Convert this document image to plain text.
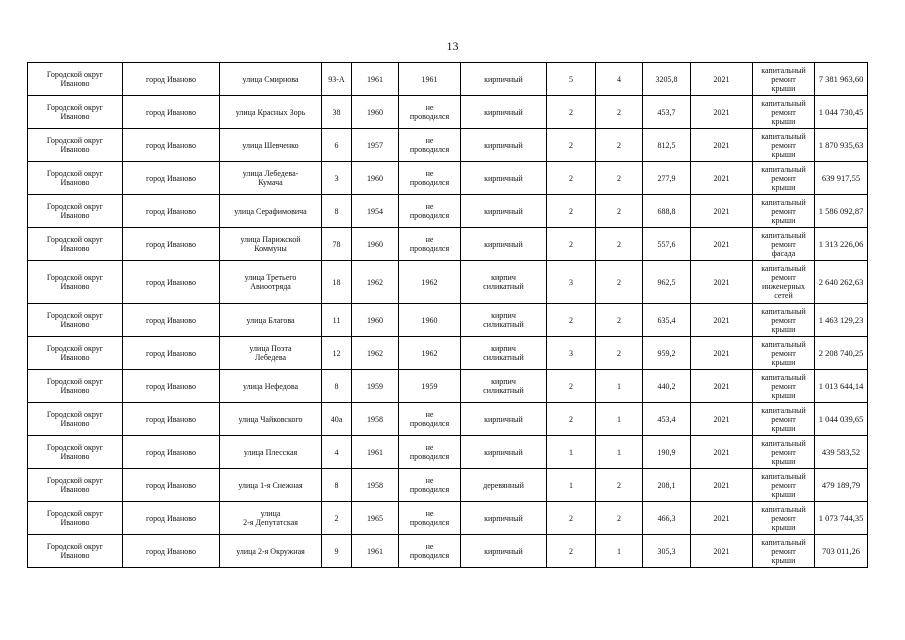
13
Городской округ
Иваново	город Иваново	улица Смирнова	93-А	1961	1961	кирпичный	5	4	3205,8	2021	капитальный
ремонт
крыши	7 381 963,60
Городской округ
Иваново	город Иваново	улица Красных Зорь	38	1960	не
проводился	кирпичный	2	2	453,7	2021	капитальный
ремонт
крыши	1 044 730,45
Городской округ
Иваново	город Иваново	улица Шевченко	6	1957	не
проводился	кирпичный	2	2	812,5	2021	капитальный
ремонт
крыши	1 870 935,63
Городской округ
Иваново	город Иваново	улица Лебедева-
Кумача	3	1960	не
проводился	кирпичный	2	2	277,9	2021	капитальный
ремонт
крыши	639 917,55
Городской округ
Иваново	город Иваново	улица Серафимовича	8	1954	не
проводился	кирпичный	2	2	688,8	2021	капитальный
ремонт
крыши	1 586 092,87
Городской округ
Иваново	город Иваново	улица Парижской
Коммуны	78	1960	не
проводился	кирпичный	2	2	557,6	2021	капитальный
ремонт
фасада	1 313 226,06
Городской округ
Иваново	город Иваново	улица Третьего
Авиоотряда	18	1962	1962	кирпич
силикатный	3	2	962,5	2021	капитальный
ремонт
инженерных
сетей	2 640 262,63
Городской округ
Иваново	город Иваново	улица Благова	11	1960	1960	кирпич
силикатный	2	2	635,4	2021	капитальный
ремонт
крыши	1 463 129,23
Городской округ
Иваново	город Иваново	улица Поэта
Лебедева	12	1962	1962	кирпич
силикатный	3	2	959,2	2021	капитальный
ремонт
крыши	2 208 740,25
Городской округ
Иваново	город Иваново	улица Нефедова	8	1959	1959	кирпич
силикатный	2	1	440,2	2021	капитальный
ремонт
крыши	1 013 644,14
Городской округ
Иваново	город Иваново	улица Чайковского	40а	1958	не
проводился	кирпичный	2	1	453,4	2021	капитальный
ремонт
крыши	1 044 039,65
Городской округ
Иваново	город Иваново	улица Плесская	4	1961	не
проводился	кирпичный	1	1	190,9	2021	капитальный
ремонт
крыши	439 583,52
Городской округ
Иваново	город Иваново	улица 1-я Снежная	8	1958	не
проводился	деревянный	1	2	208,1	2021	капитальный
ремонт
крыши	479 189,79
Городской округ
Иваново	город Иваново	улица
2-я Депутатская	2	1965	не
проводился	кирпичный	2	2	466,3	2021	капитальный
ремонт
крыши	1 073 744,35
Городской округ
Иваново	город Иваново	улица 2-я Окружная	9	1961	не
проводился	кирпичный	2	1	305,3	2021	капитальный
ремонт
крыши	703 011,26
